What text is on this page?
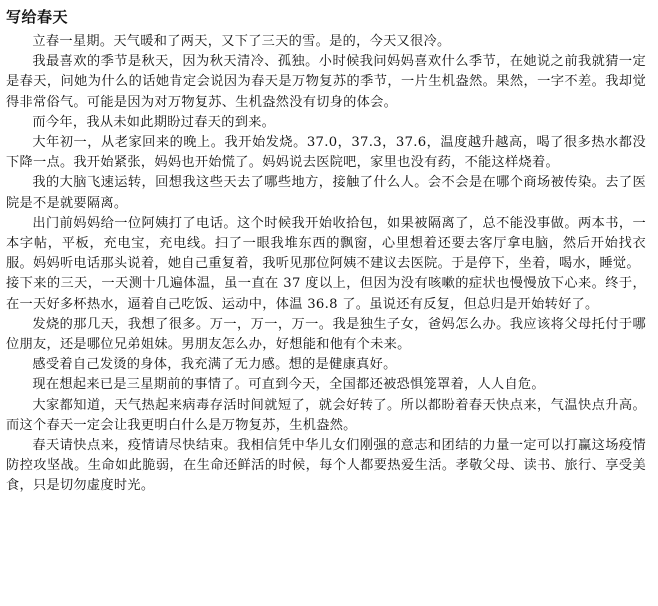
写给春天

立春一星期。天气暖和了两天，又下了三天的雪。是的，今天又很冷。

我最喜欢的季节是秋天，因为秋天清冷、孤独。小时候我问妈妈喜欢什么季节，在她说之前我就猜一定是春天，问她为什么的话她肯定会说因为春天是万物复苏的季节，一片生机盎然。果然，一字不差。我却觉得非常俗气。可能是因为对万物复苏、生机盎然没有切身的体会。

而今年，我从未如此期盼过春天的到来。

大年初一，从老家回来的晚上。我开始发烧。37.0，37.3，37.6，温度越升越高，喝了很多热水都没下降一点。我开始紧张，妈妈也开始慌了。妈妈说去医院吧，家里也没有药，不能这样烧着。

我的大脑飞速运转，回想我这些天去了哪些地方，接触了什么人。会不会是在哪个商场被传染。去了医院是不是就要隔离。

出门前妈妈给一位阿姨打了电话。这个时候我开始收拾包，如果被隔离了，总不能没事做。两本书，一本字帖，平板，充电宝，充电线。扫了一眼我堆东西的飘窗，心里想着还要去客厅拿电脑，然后开始找衣服。妈妈听电话那头说着，她自己重复着，我听见那位阿姨不建议去医院。于是停下，坐着，喝水，睡觉。

接下来的三天，一天测十几遍体温，虽一直在 37 度以上，但因为没有咳嗽的症状也慢慢放下心来。终于，在一天好多杯热水，逼着自己吃饭、运动中，体温 36.8 了。虽说还有反复，但总归是开始转好了。

发烧的那几天，我想了很多。万一，万一，万一。我是独生子女，爸妈怎么办。我应该将父母托付于哪位朋友，还是哪位兄弟姐妹。男朋友怎么办，好想能和他有个未来。

感受着自己发烫的身体，我充满了无力感。想的是健康真好。

现在想起来已是三星期前的事情了。可直到今天，全国都还被恐惧笼罩着，人人自危。

大家都知道，天气热起来病毒存活时间就短了，就会好转了。所以都盼着春天快点来，气温快点升高。而这个春天一定会让我更明白什么是万物复苏，生机盎然。

春天请快点来，疫情请尽快结束。我相信凭中华儿女们刚强的意志和团结的力量一定可以打赢这场疫情防控攻坚战。生命如此脆弱，在生命还鲜活的时候，每个人都要热爱生活。孝敬父母、读书、旅行、享受美食，只是切勿虚度时光。
